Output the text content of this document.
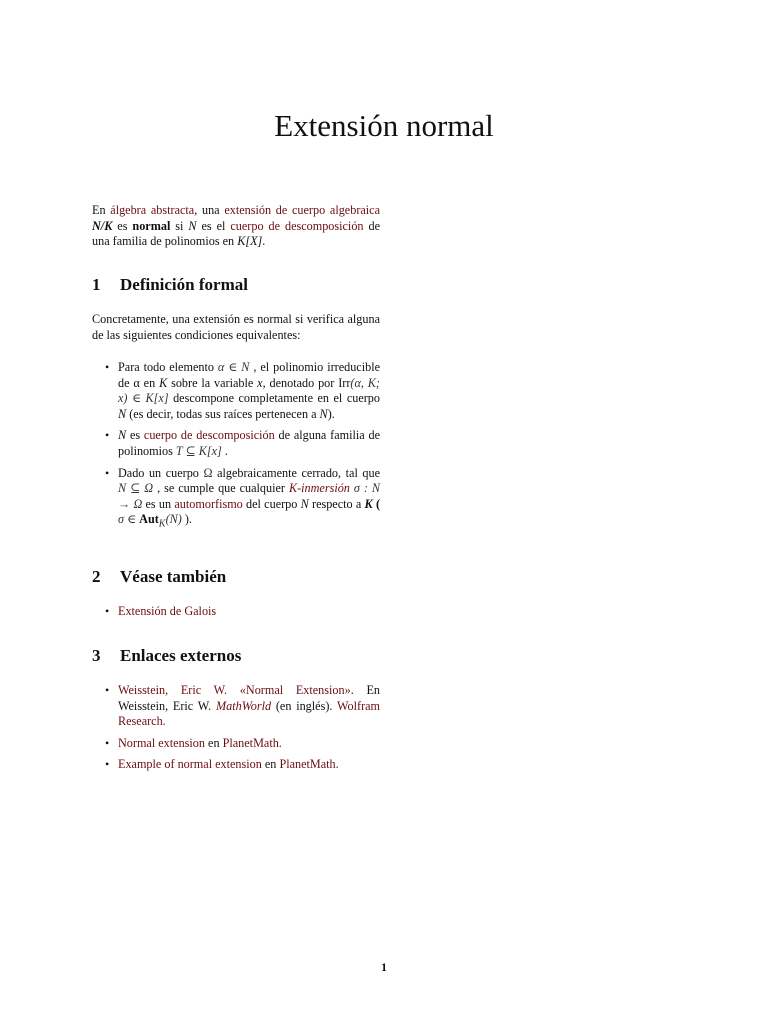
Extensión normal
En álgebra abstracta, una extensión de cuerpo algebraica N/K es normal si N es el cuerpo de descomposición de una familia de polinomios en K[X].
1 Definición formal
Concretamente, una extensión es normal si verifica alguna de las siguientes condiciones equivalentes:
• Para todo elemento α ∈ N , el polinomio irreducible de α en K sobre la variable x, denotado por Irr(α, K; x) ∈ K[x] descompone completamente en el cuerpo N (es decir, todas sus raíces pertenecen a N).
• N es cuerpo de descomposición de alguna familia de polinomios T ⊆ K[x] .
• Dado un cuerpo Ω algebraicamente cerrado, tal que N ⊆ Ω , se cumple que cualquier K-inmersión σ : N → Ω es un automorfismo del cuerpo N respecto a K ( σ ∈ Aut$_K$(N) ).
2 Véase también
• Extensión de Galois
3 Enlaces externos
• Weisstein, Eric W. «Normal Extension». En Weisstein, Eric W. MathWorld (en inglés). Wolfram Research.
• Normal extension en PlanetMath.
• Example of normal extension en PlanetMath.
1
